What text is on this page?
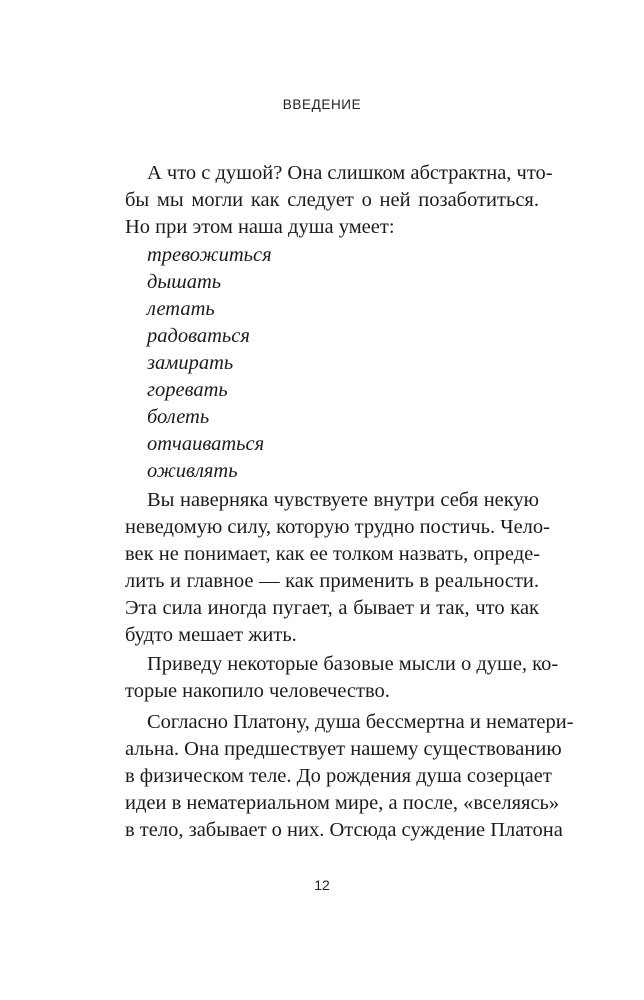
ВВЕДЕНИЕ
А что с душой? Она слишком абстрактна, что-
бы мы могли как следует о ней позаботиться.
Но при этом наша душа умеет:
тревожиться
дышать
летать
радоваться
замирать
горевать
болеть
отчаиваться
оживлять
Вы наверняка чувствуете внутри себя некую
неведомую силу, которую трудно постичь. Чело-
век не понимает, как ее толком назвать, опреде-
лить и главное — как применить в реальности.
Эта сила иногда пугает, а бывает и так, что как
будто мешает жить.
Приведу некоторые базовые мысли о душе, ко-
торые накопило человечество.
Согласно Платону, душа бессмертна и нематери-
альна. Она предшествует нашему существованию
в физическом теле. До рождения душа созерцает
идеи в нематериальном мире, а после, «вселяясь»
в тело, забывает о них. Отсюда суждение Платона
12
